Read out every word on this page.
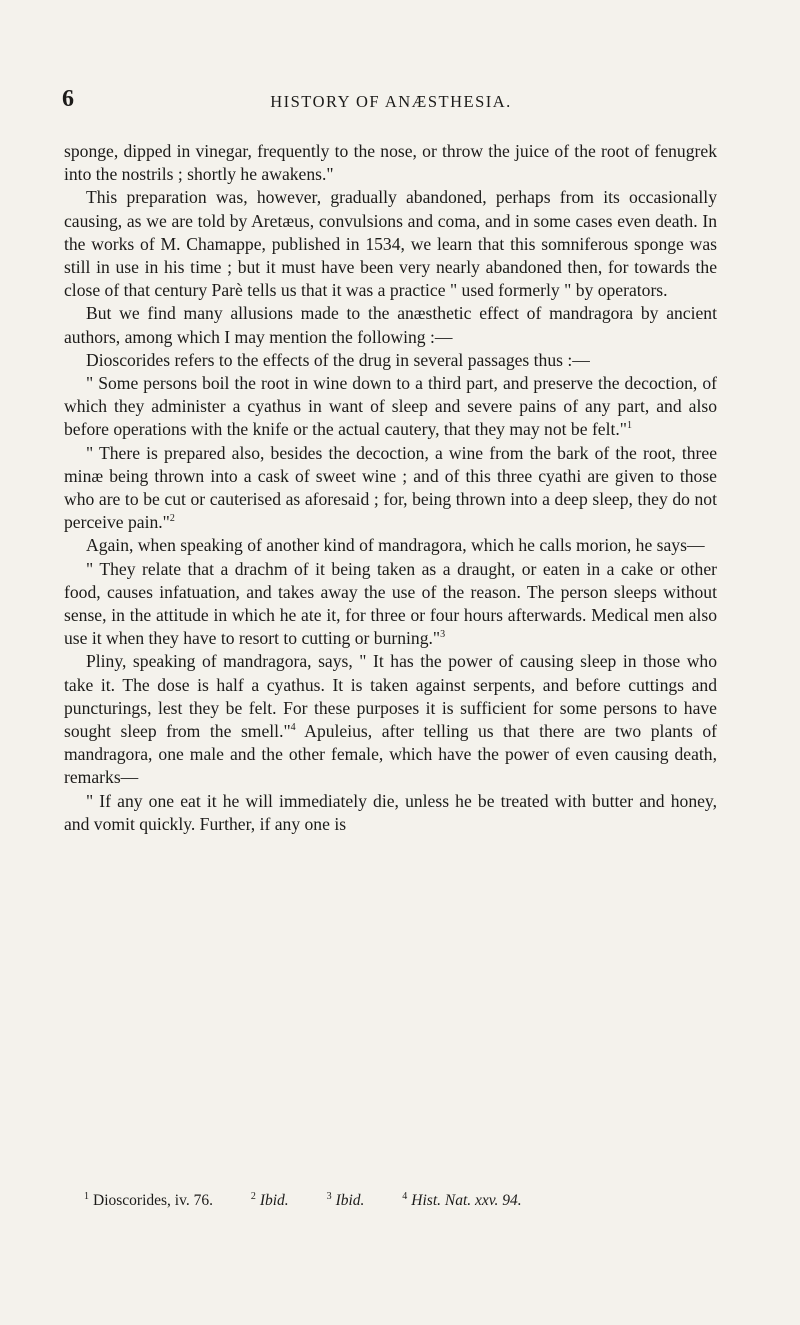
6	HISTORY OF ANÆSTHESIA.

sponge, dipped in vinegar, frequently to the nose, or throw the juice of the root of fenugrek into the nostrils ; shortly he awakens."

This preparation was, however, gradually abandoned, perhaps from its occasionally causing, as we are told by Aretæus, convulsions and coma, and in some cases even death. In the works of M. Chamappe, published in 1534, we learn that this somniferous sponge was still in use in his time ; but it must have been very nearly abandoned then, for towards the close of that century Parè tells us that it was a practice " used formerly " by operators.

But we find many allusions made to the anæsthetic effect of mandragora by ancient authors, among which I may mention the following :—

Dioscorides refers to the effects of the drug in several passages thus :—

" Some persons boil the root in wine down to a third part, and preserve the decoction, of which they administer a cyathus in want of sleep and severe pains of any part, and also before operations with the knife or the actual cautery, that they may not be felt."$^1$

" There is prepared also, besides the decoction, a wine from the bark of the root, three minæ being thrown into a cask of sweet wine ; and of this three cyathi are given to those who are to be cut or cauterised as aforesaid ; for, being thrown into a deep sleep, they do not perceive pain."$^2$

Again, when speaking of another kind of mandragora, which he calls morion, he says—

" They relate that a drachm of it being taken as a draught, or eaten in a cake or other food, causes infatuation, and takes away the use of the reason. The person sleeps without sense, in the attitude in which he ate it, for three or four hours afterwards. Medical men also use it when they have to resort to cutting or burning."$^3$

Pliny, speaking of mandragora, says, " It has the power of causing sleep in those who take it. The dose is half a cyathus. It is taken against serpents, and before cuttings and puncturings, lest they be felt. For these purposes it is sufficient for some persons to have sought sleep from the smell."$^4$ Apuleius, after telling us that there are two plants of mandragora, one male and the other female, which have the power of even causing death, remarks—

" If any one eat it he will immediately die, unless he be treated with butter and honey, and vomit quickly. Further, if any one is

$^1$ Dioscorides, iv. 76.	$^2$ Ibid.	$^3$ Ibid.	$^4$ Hist. Nat. xxv. 94.
